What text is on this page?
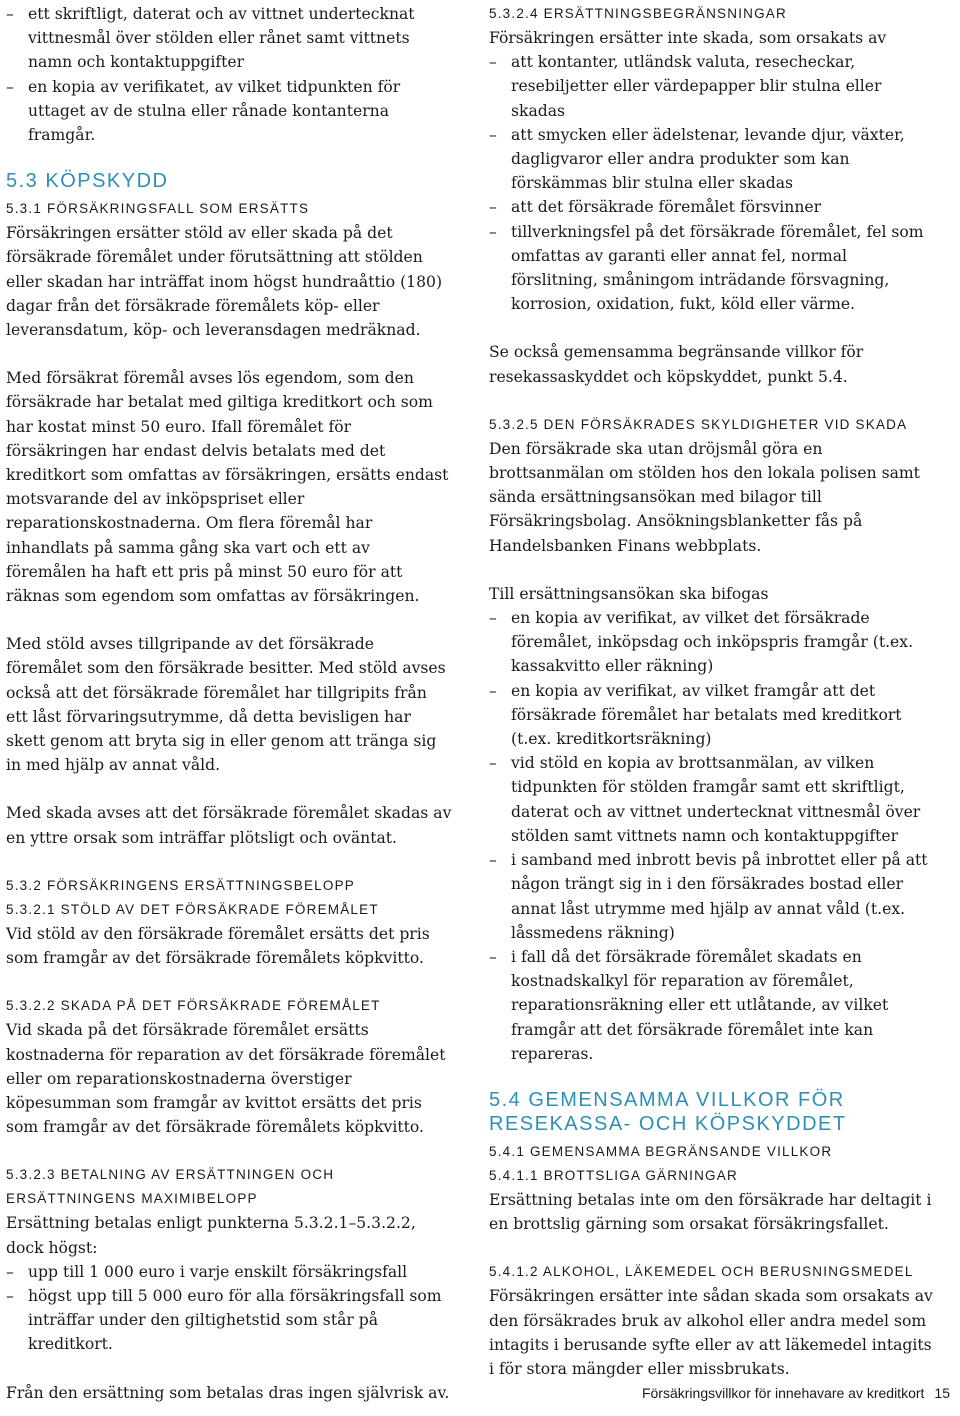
– ett skriftligt, daterat och av vittnet undertecknat vittnesmål över stölden eller rånet samt vittnets namn och kontaktuppgifter
– en kopia av verifikatet, av vilket tidpunkten för uttaget av de stulna eller rånade kontanterna framgår.
5.3 KÖPSKYDD
5.3.1 FÖRSÄKRINGSFALL SOM ERSÄTTS

Försäkringen ersätter stöld av eller skada på det försäkrade föremålet under förutsättning att stölden eller skadan har inträffat inom högst hundraåttio (180) dagar från det försäkrade föremålets köp- eller leveransdatum, köp- och leveransdagen medräknad.

Med försäkrat föremål avses lös egendom, som den försäkrade har betalat med giltiga kreditkort och som har kostat minst 50 euro. Ifall föremålet för försäkringen har endast delvis betalats med det kreditkort som omfattas av försäkringen, ersätts endast motsvarande del av inköpspriset eller reparationskostnaderna. Om flera föremål har inhandlats på samma gång ska vart och ett av föremålen ha haft ett pris på minst 50 euro för att räknas som egendom som omfattas av försäkringen.

Med stöld avses tillgripande av det försäkrade föremålet som den försäkrade besitter. Med stöld avses också att det försäkrade föremålet har tillgripits från ett låst förvaringsutrymme, då detta bevisligen har skett genom att bryta sig in eller genom att tränga sig in med hjälp av annat våld.

Med skada avses att det försäkrade föremålet skadas av en yttre orsak som inträffar plötsligt och oväntat.

5.3.2 FÖRSÄKRINGENS ERSÄTTNINGSBELOPP
5.3.2.1 STÖLD AV DET FÖRSÄKRADE FÖREMÅLET

Vid stöld av den försäkrade föremålet ersätts det pris som framgår av det försäkrade föremålets köpkvitto.

5.3.2.2 SKADA PÅ DET FÖRSÄKRADE FÖREMÅLET

Vid skada på det försäkrade föremålet ersätts kostnaderna för reparation av det försäkrade föremålet eller om reparationskostnaderna överstiger köpesumman som framgår av kvittot ersätts det pris som framgår av det försäkrade föremålets köpkvitto.

5.3.2.3 BETALNING AV ERSÄTTNINGEN OCH ERSÄTTNINGENS MAXIMIBELOPP

Ersättning betalas enligt punkterna 5.3.2.1–5.3.2.2, dock högst:

– upp till 1 000 euro i varje enskilt försäkringsfall
– högst upp till 5 000 euro för alla försäkringsfall som inträffar under den giltighetstid som står på kreditkort.

Från den ersättning som betalas dras ingen självrisk av.

5.3.2.4 ERSÄTTNINGSBEGRÄNSNINGAR

Försäkringen ersätter inte skada, som orsakats av

– att kontanter, utländsk valuta, resecheckar, resebiljetter eller värdepapper blir stulna eller skadas
– att smycken eller ädelstenar, levande djur, växter, dagligvaror eller andra produkter som kan förskämmas blir stulna eller skadas
– att det försäkrade föremålet försvinner
– tillverkningsfel på det försäkrade föremålet, fel som omfattas av garanti eller annat fel, normal förslitning, småningom inträdande försvagning, korrosion, oxidation, fukt, köld eller värme.

Se också gemensamma begränsande villkor för resekassaskyddet och köpskyddet, punkt 5.4.

5.3.2.5 DEN FÖRSÄKRADES SKYLDIGHETER VID SKADA

Den försäkrade ska utan dröjsmål göra en brottsanmälan om stölden hos den lokala polisen samt sända ersättningsansökan med bilagor till Försäkringsbolag. Ansökningsblanketter fås på Handelsbanken Finans webbplats.

Till ersättningsansökan ska bifogas

– en kopia av verifikat, av vilket det försäkrade föremålet, inköpsdag och inköpspris framgår (t.ex. kassakvitto eller räkning)
– en kopia av verifikat, av vilket framgår att det försäkrade föremålet har betalats med kreditkort (t.ex. kreditkortsräkning)
– vid stöld en kopia av brottsanmälan, av vilken tidpunkten för stölden framgår samt ett skriftligt, daterat och av vittnet undertecknat vittnesmål över stölden samt vittnets namn och kontaktuppgifter
– i samband med inbrott bevis på inbrottet eller på att någon trängt sig in i den försäkrades bostad eller annat låst utrymme med hjälp av annat våld (t.ex. låssmedens räkning)
– i fall då det försäkrade föremålet skadats en kostnadskalkyl för reparation av föremålet, reparationsräkning eller ett utlåtande, av vilket framgår att det försäkrade föremålet inte kan repareras.
5.4 GEMENSAMMA VILLKOR FÖR RESEKASSA- OCH KÖPSKYDDET
5.4.1 GEMENSAMMA BEGRÄNSANDE VILLKOR
5.4.1.1 BROTTSLIGA GÄRNINGAR

Ersättning betalas inte om den försäkrade har deltagit i en brottslig gärning som orsakat försäkringsfallet.

5.4.1.2 ALKOHOL, LÄKEMEDEL OCH BERUSNINGSMEDEL

Försäkringen ersätter inte sådan skada som orsakats av den försäkrades bruk av alkohol eller andra medel som intagits i berusande syfte eller av att läkemedel intagits i för stora mängder eller missbrukats.

Försäkringsvillkor för innehavare av kreditkort 15
